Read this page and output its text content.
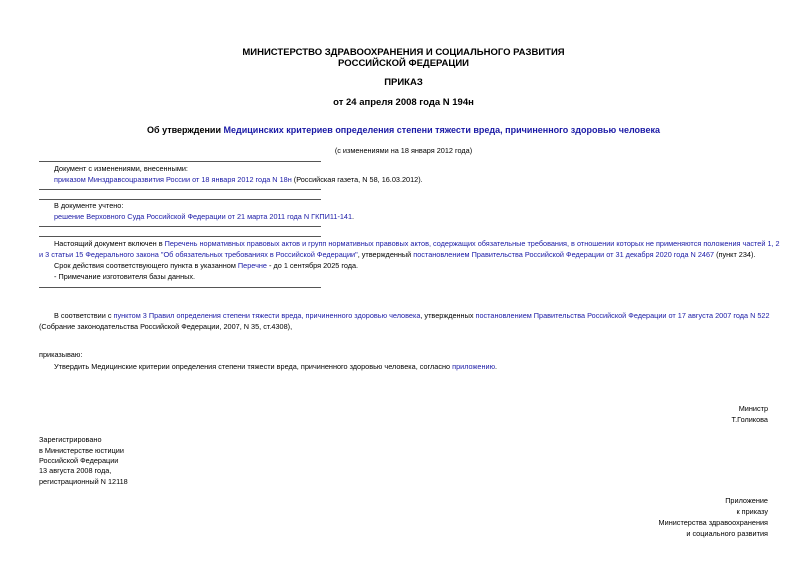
МИНИСТЕРСТВО ЗДРАВООХРАНЕНИЯ И СОЦИАЛЬНОГО РАЗВИТИЯ
РОССИЙСКОЙ ФЕДЕРАЦИИ
ПРИКАЗ
от 24 апреля 2008 года N 194н
Об утверждении Медицинских критериев определения степени тяжести вреда, причиненного здоровью человека
(с изменениями на 18 января 2012 года)
Документ с изменениями, внесенными:
приказом Минздравсоцразвития России от 18 января 2012 года N 18н (Российская газета, N 58, 16.03.2012).
В документе учтено:
решение Верховного Суда Российской Федерации от 21 марта 2011 года N ГКПИ11-141.
Настоящий документ включен в Перечень нормативных правовых актов и групп нормативных правовых актов, содержащих обязательные требования, в отношении которых не применяются положения частей 1, 2
и 3 статьи 15 Федерального закона "Об обязательных требованиях в Российской Федерации", утвержденный постановлением Правительства Российской Федерации от 31 декабря 2020 года N 2467 (пункт 234).
Срок действия соответствующего пункта в указанном Перечне - до 1 сентября 2025 года.
- Примечание изготовителя базы данных.
В соответствии с пунктом 3 Правил определения степени тяжести вреда, причиненного здоровью человека, утвержденных постановлением Правительства Российской Федерации от 17 августа 2007 года N 522
(Собрание законодательства Российской Федерации, 2007, N 35, ст.4308),
приказываю:
Утвердить Медицинские критерии определения степени тяжести вреда, причиненного здоровью человека, согласно приложению.
Министр
Т.Голикова
Зарегистрировано
в Министерстве юстиции
Российской Федерации
13 августа 2008 года,
регистрационный N 12118
Приложение
к приказу
Министерства здравоохранения
и социального развития
